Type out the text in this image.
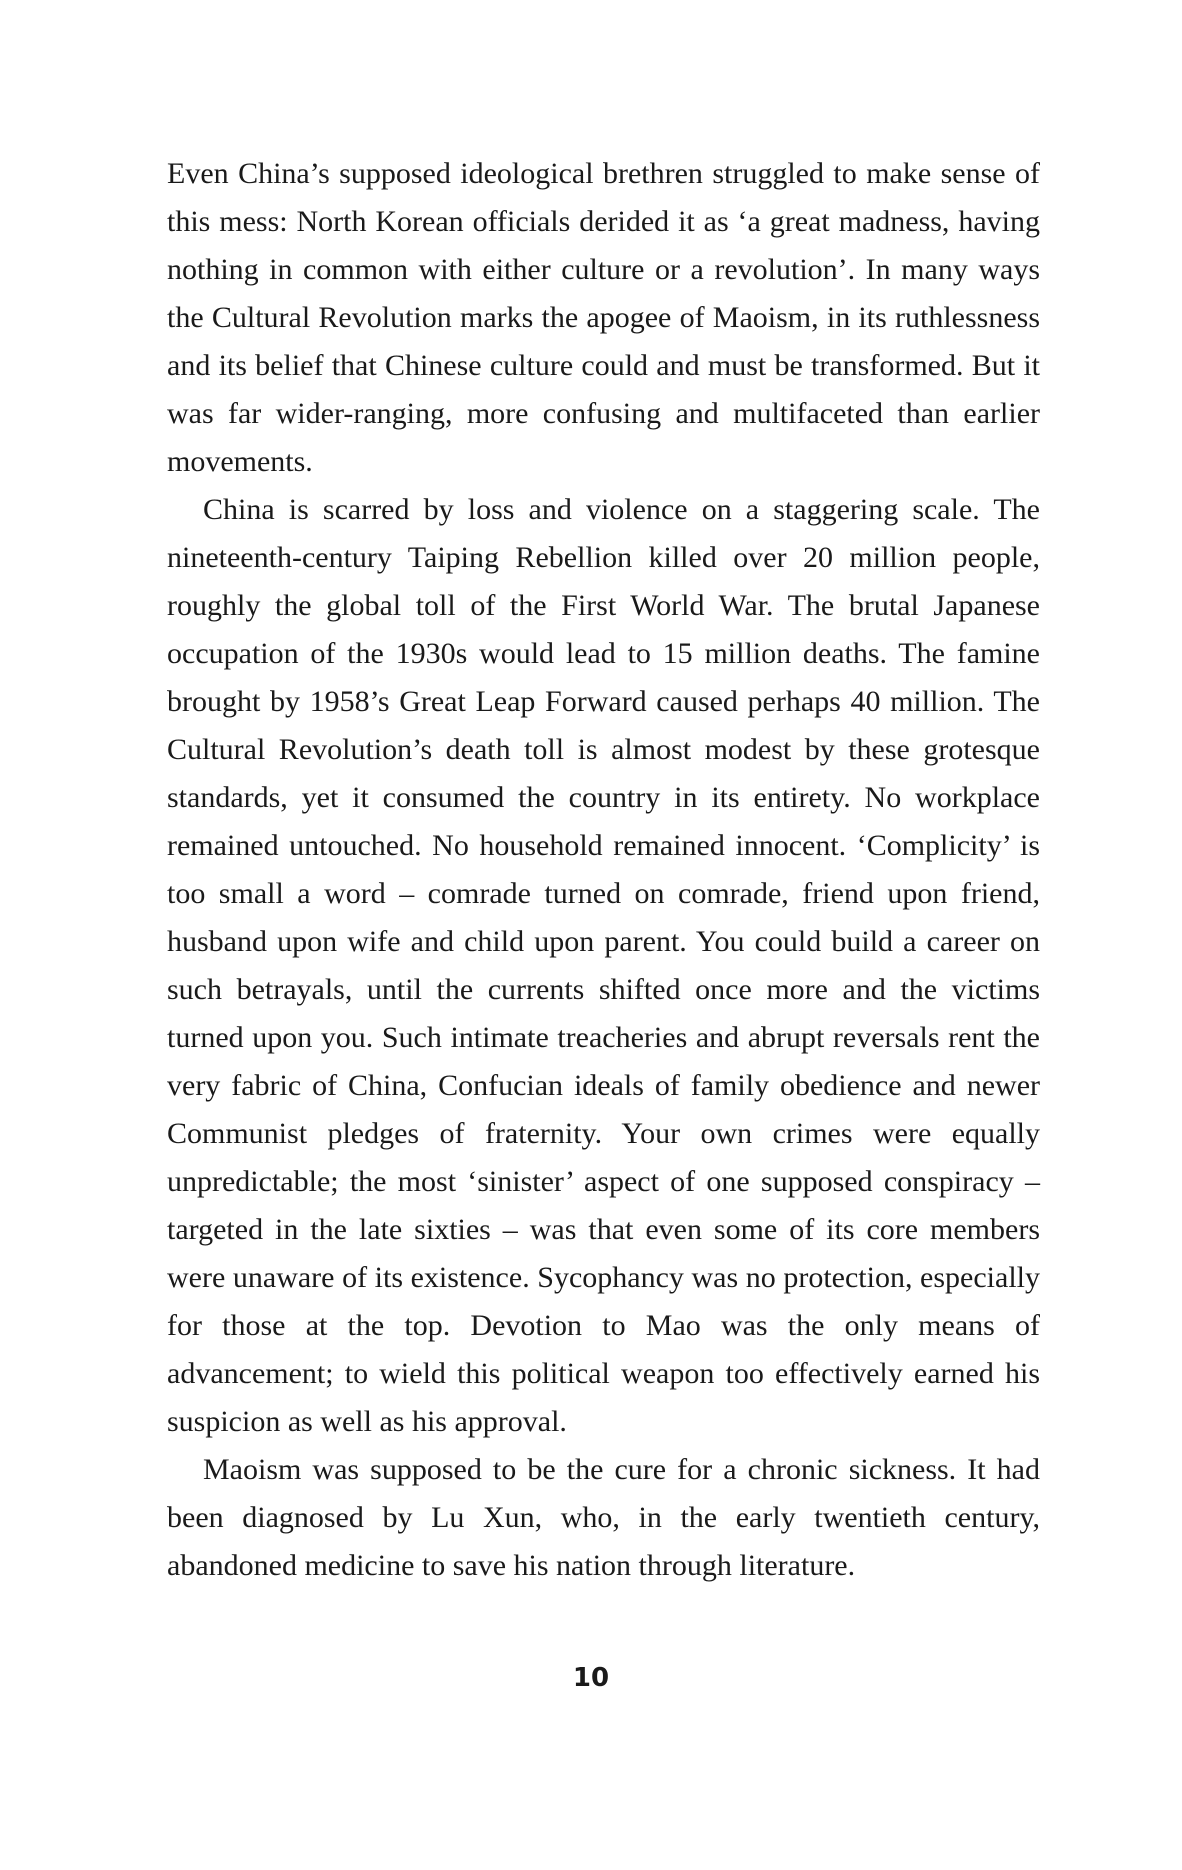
Even China’s supposed ideological brethren struggled to make sense of this mess: North Korean officials derided it as ‘a great madness, having nothing in common with either culture or a revolution’. In many ways the Cultural Revolution marks the apogee of Maoism, in its ruthlessness and its belief that Chinese culture could and must be transformed. But it was far wider-ranging, more confusing and multifaceted than earlier movements.

China is scarred by loss and violence on a staggering scale. The nineteenth-century Taiping Rebellion killed over 20 million people, roughly the global toll of the First World War. The brutal Japanese occupation of the 1930s would lead to 15 million deaths. The famine brought by 1958’s Great Leap Forward caused perhaps 40 million. The Cultural Revolution’s death toll is almost modest by these grotesque standards, yet it consumed the country in its entirety. No workplace remained untouched. No household remained innocent. ‘Complicity’ is too small a word – comrade turned on comrade, friend upon friend, husband upon wife and child upon parent. You could build a career on such betrayals, until the currents shifted once more and the victims turned upon you. Such intimate treacheries and abrupt reversals rent the very fabric of China, Confucian ideals of family obedience and newer Communist pledges of fraternity. Your own crimes were equally unpredictable; the most ‘sinister’ aspect of one supposed conspiracy – targeted in the late sixties – was that even some of its core members were unaware of its existence. Sycophancy was no protection, especially for those at the top. Devotion to Mao was the only means of advancement; to wield this political weapon too effectively earned his suspicion as well as his approval.

Maoism was supposed to be the cure for a chronic sickness. It had been diagnosed by Lu Xun, who, in the early twentieth century, abandoned medicine to save his nation through literature.

10
